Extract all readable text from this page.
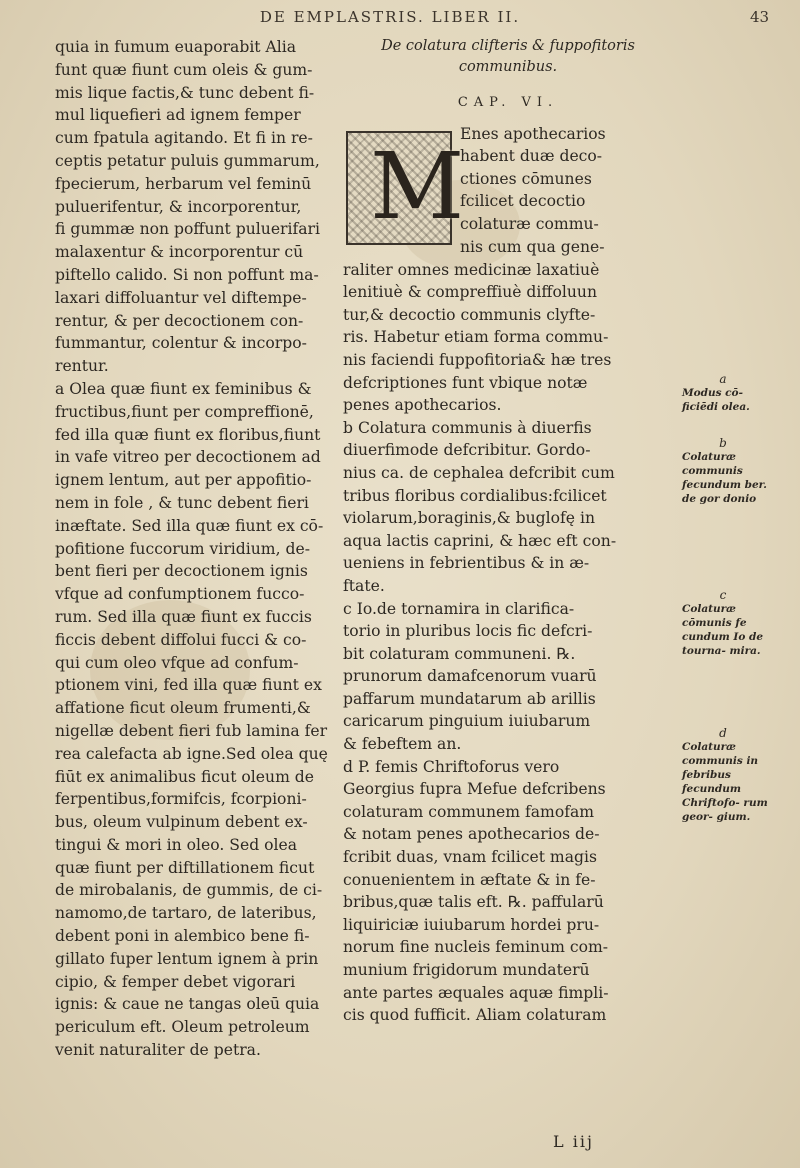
DE EMPLASTRIS. LIBER II.	43
quia in fumum euaporabit Alia
funt quæ fiunt cum oleis & gum-
mis lique factis,& tunc debent fi-
mul liquefieri ad ignem femper
cum fpatula agitando. Et fi in re-
ceptis petatur puluis gummarum,
fpecierum, herbarum vel feminū
puluerifentur, & incorporentur,
fi gummæ non poffunt puluerifari
malaxentur & incorporentur cū
piftello calido. Si non poffunt ma-
laxari diffoluantur vel diftempe-
rentur, & per decoctionem con-
fummantur, colentur & incorpo-
rentur.
a Olea quæ fiunt ex feminibus &
fructibus,fiunt per compreffionē,
fed illa quæ fiunt ex floribus,fiunt
in vafe vitreo per decoctionem ad
ignem lentum, aut per appofitio-
nem in fole , & tunc debent fieri
inæftate. Sed illa quæ fiunt ex cō-
pofitione fuccorum viridium, de-
bent fieri per decoctionem ignis
vfque ad confumptionem fucco-
rum. Sed illa quæ fiunt ex fuccis
ficcis debent diffolui fucci & co-
qui cum oleo vfque ad confum-
ptionem vini, fed illa quæ fiunt ex
affatione ficut oleum frumenti,&
nigellæ debent fieri fub lamina fer
rea calefacta ab igne.Sed olea quę
fiūt ex animalibus ficut oleum de
ferpentibus,formifcis, fcorpioni-
bus, oleum vulpinum debent ex-
tingui & mori in oleo. Sed olea
quæ fiunt per diftillationem ficut
de mirobalanis, de gummis, de ci-
namomo,de tartaro, de lateribus,
debent poni in alembico bene fi-
gillato fuper lentum ignem à prin
cipio, & femper debet vigorari
ignis: & caue ne tangas oleū quia
periculum eft. Oleum petroleum
venit naturaliter de petra.
De colatura clifteris & fuppofitoris
communibus.
CAP. VI.
M
Enes apothecarios
habent duæ deco-
ctiones cōmunes
fcilicet decoctio
colaturæ commu-
nis cum qua gene-
raliter omnes medicinæ laxatiuè
lenitiuè & compreffiuè diffoluun
tur,& decoctio communis clyfte-
ris. Habetur etiam forma commu-
nis faciendi fuppofitoria& hæ tres
defcriptiones funt vbique notæ
penes apothecarios.
b Colatura communis à diuerfis
diuerfimode defcribitur. Gordo-
nius ca. de cephalea defcribit cum
tribus floribus cordialibus:fcilicet
violarum,boraginis,& buglofę in
aqua lactis caprini, & hæc eft con-
ueniens in febrientibus & in æ-
ftate.
c Io.de tornamira in clarifica-
torio in pluribus locis fic defcri-
bit colaturam communeni. ℞.
prunorum damafcenorum vuarū
paffarum mundatarum ab arillis
caricarum pinguium iuiubarum
& febeftem an.
d P. femis Chriftoforus vero
Georgius fupra Mefue defcribens
colaturam communem famofam
& notam penes apothecarios de-
fcribit duas, vnam fcilicet magis
conuenientem in æftate & in fe-
bribus,quæ talis eft. ℞. paffularū
liquiriciæ iuiubarum hordei pru-
norum fine nucleis feminum com-
munium frigidorum mundaterū
ante partes æquales aquæ fimpli-
cis quod fufficit. Aliam colaturam
a
Modus cō- ficiēdi olea.
b
Colaturæ communis fecundum ber. de gor donio
c
Colaturæ cōmunis fe cundum Io de tourna- mira.
d
Colaturæ communis in febribus fecundum Chriftofo- rum geor- gium.
L iij
